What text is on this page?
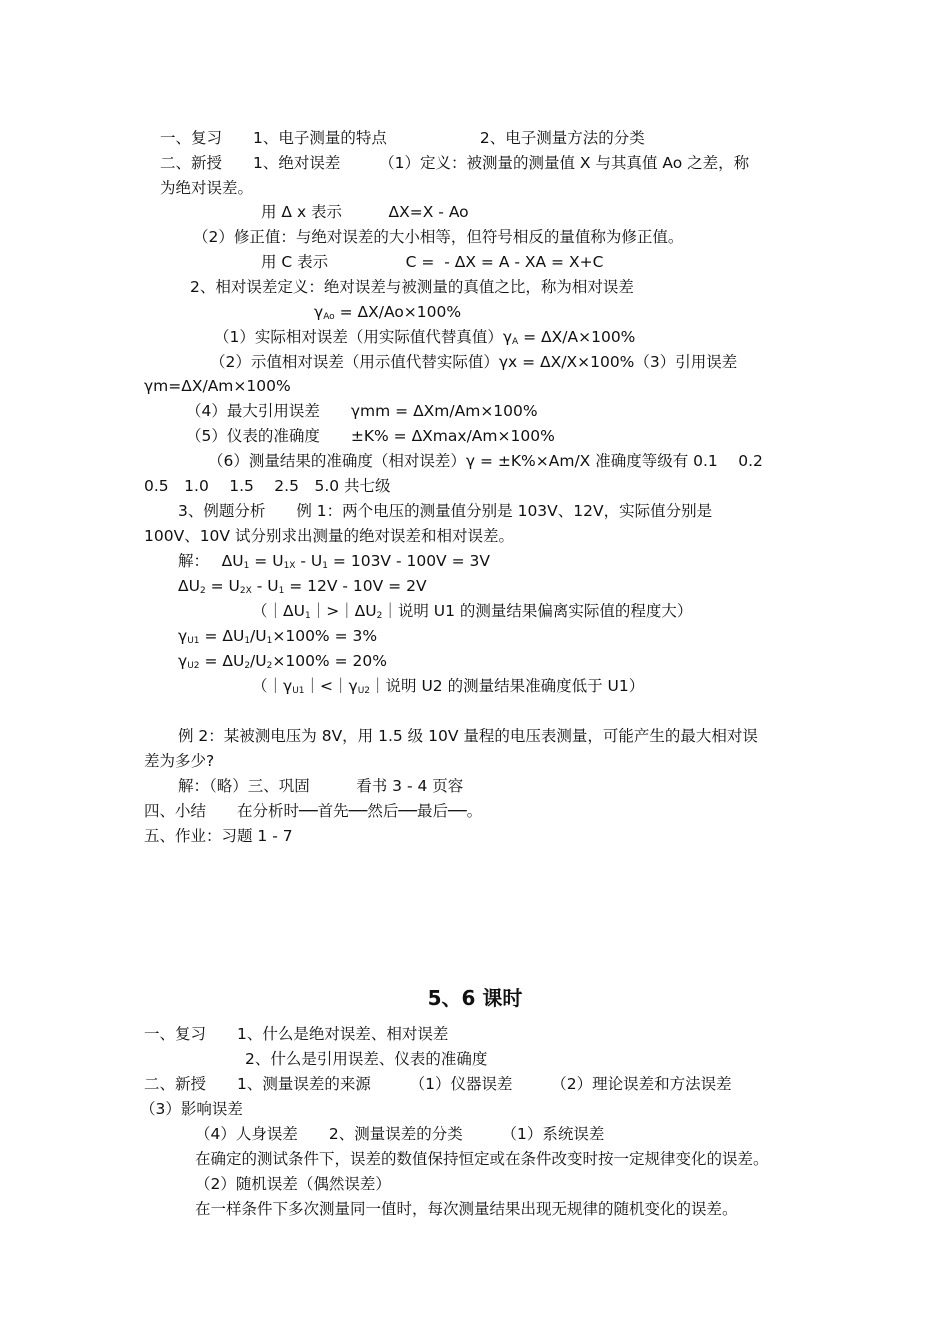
一、复习　　1、电子测量的特点　　　　　　2、电子测量方法的分类
二、新授　　1、绝对误差　　　（1）定义：被测量的测量值 X 与其真值 Ao 之差，称
为绝对误差。
用 Δ x 表示　　　ΔX=X - Ao
（2）修正值：与绝对误差的大小相等，但符号相反的量值称为修正值。
用 C 表示　　　　　C =  - ΔX = A - XA = X+C
2、相对误差定义：绝对误差与被测量的真值之比，称为相对误差
$\gamma_{Ao} = \Delta X/Ao\times 100\%$
（1）实际相对误差（用实际值代替真值）$\gamma_A = \Delta X/A\times 100\%$
（2）示值相对误差（用示值代替实际值）γx = ΔX/X×100%（3）引用误差
γm=ΔX/Am×100%
（4）最大引用误差　　γmm = ΔXm/Am×100%
（5）仪表的准确度　　±K% = ΔXmax/Am×100%
（6）测量结果的准确度（相对误差）γ = ±K%×Am/X 准确度等级有 0.1　 0.2
0.5　1.0　 1.5　 2.5　5.0 共七级
3、例题分析　　例 1：两个电压的测量值分别是 103V、12V，实际值分别是
100V、10V 试分别求出测量的绝对误差和相对误差。
解：　 $\Delta U_1 = U_{1X} - U_1 = 103V - 100V = 3V$
$\Delta U_2 = U_{2X} - U_1 = 12V - 10V = 2V$
（$|\Delta U_1|>|\Delta U_2|$说明 U1 的测量结果偏离实际值的程度大）
$\gamma_{U1} = \Delta U_1/U_1\times 100\% = 3\%$
$\gamma_{U2} = \Delta U_2/U_2\times 100\% = 20\%$
（$|\gamma_{U1}|<|\gamma_{U2}|$说明 U2 的测量结果准确度低于 U1）
例 2：某被测电压为 8V，用 1.5 级 10V 量程的电压表测量，可能产生的最大相对误
差为多少?
解：（略）三、巩固　　　看书 3 - 4 页容
四、小结　　在分析时──首先──然后──最后──。
五、作业：习题 1 - 7
5、6 课时
一、复习　　1、什么是绝对误差、相对误差
2、什么是引用误差、仪表的准确度
二、新授　　1、测量误差的来源　　　（1）仪器误差　　　（2）理论误差和方法误差
（3）影响误差
（4）人身误差　　2、测量误差的分类　　　（1）系统误差
在确定的测试条件下，误差的数值保持恒定或在条件改变时按一定规律变化的误差。
（2）随机误差（偶然误差）
在一样条件下多次测量同一值时，每次测量结果出现无规律的随机变化的误差。
